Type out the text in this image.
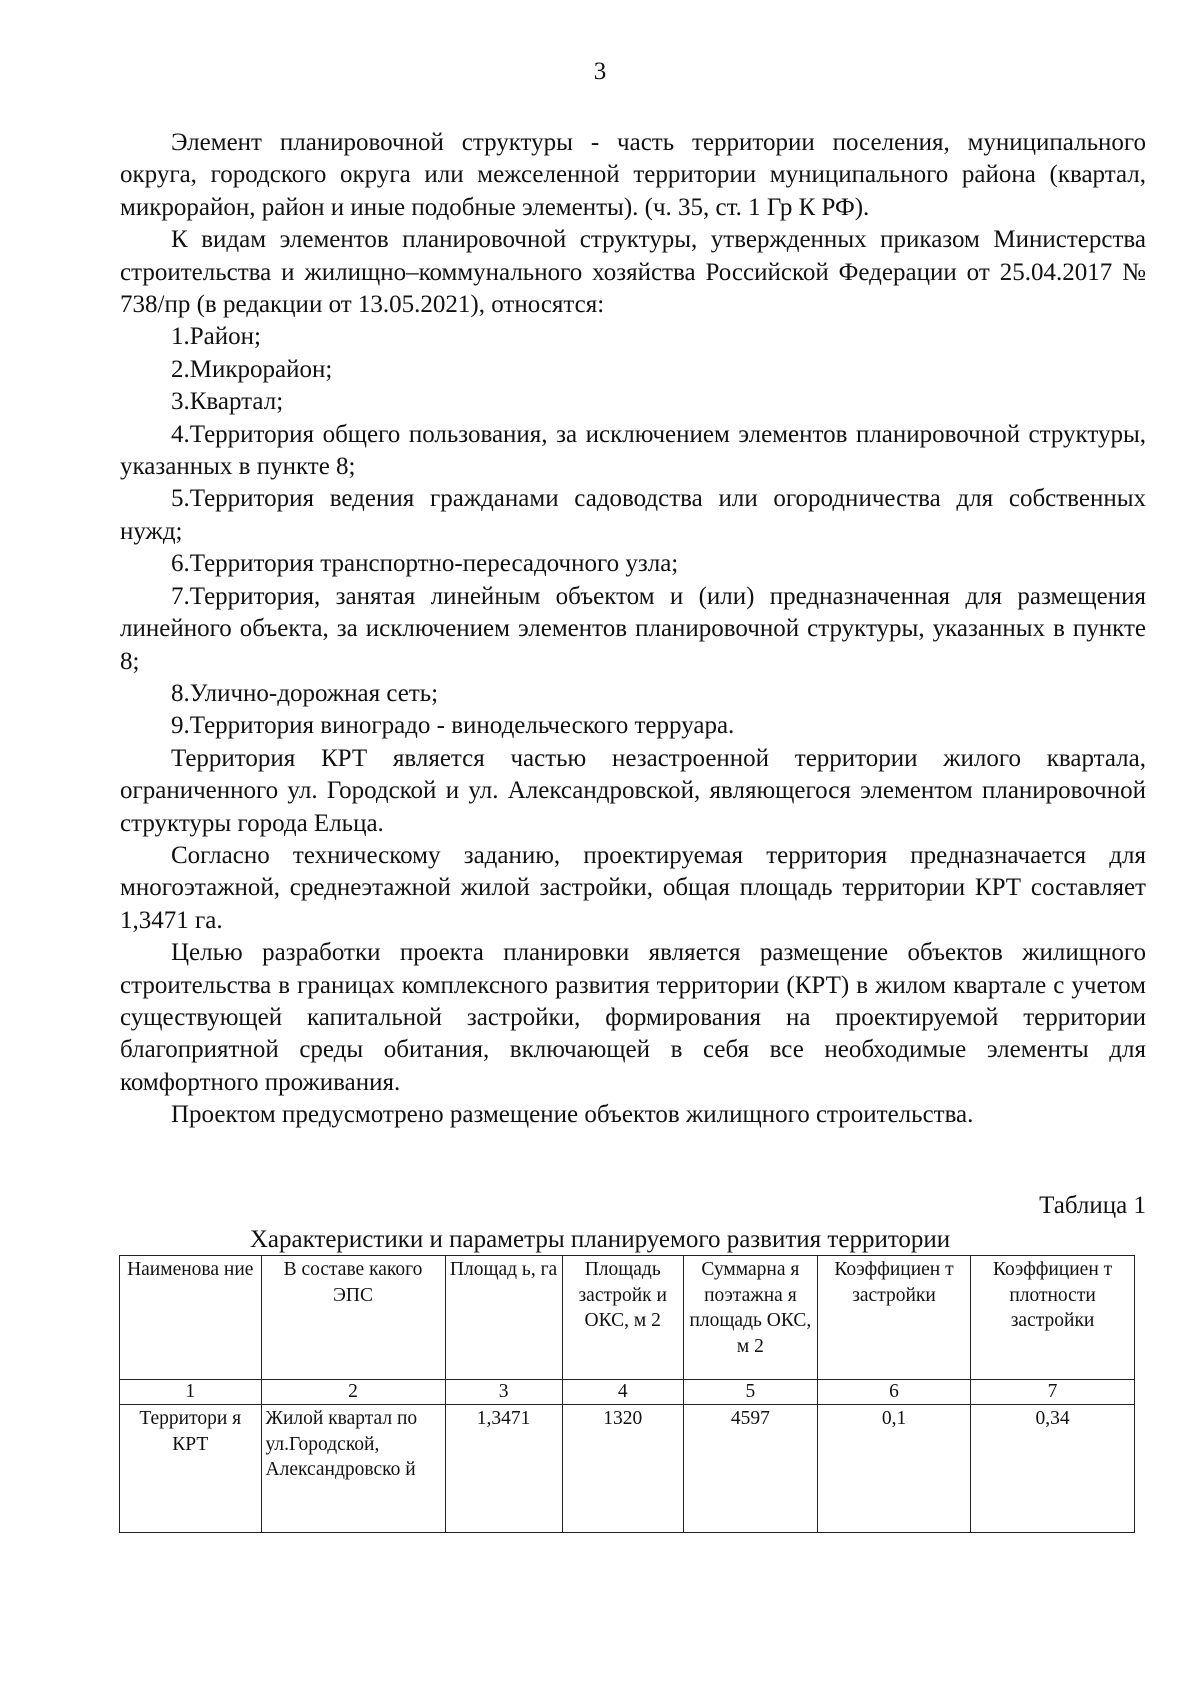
3

Элемент планировочной структуры - часть территории поселения, муниципального округа, городского округа или межселенной территории муниципального района (квартал, микрорайон, район и иные подобные элементы). (ч. 35, ст. 1 Гр К РФ).

К видам элементов планировочной структуры, утвержденных приказом Министерства строительства и жилищно–коммунального хозяйства Российской Федерации от 25.04.2017 № 738/пр (в редакции от 13.05.2021), относятся:

1.Район;

2.Микрорайон;

3.Квартал;

4.Территория общего пользования, за исключением элементов планировочной структуры, указанных в пункте 8;

5.Территория ведения гражданами садоводства или огородничества для собственных нужд;

6.Территория транспортно-пересадочного узла;

7.Территория, занятая линейным объектом и (или) предназначенная для размещения линейного объекта, за исключением элементов планировочной структуры, указанных в пункте 8;

8.Улично-дорожная сеть;

9.Территория виноградо - винодельческого терруара.

Территория КРТ является частью незастроенной территории жилого квартала, ограниченного ул. Городской и ул. Александровской, являющегося элементом планировочной структуры города Ельца.

Согласно техническому заданию, проектируемая территория предназначается для многоэтажной, среднеэтажной жилой застройки, общая площадь территории КРТ составляет 1,3471 га.

Целью разработки проекта планировки является размещение объектов жилищного строительства в границах комплексного развития территории (КРТ) в жилом квартале с учетом существующей капитальной застройки, формирования на проектируемой территории благоприятной среды обитания, включающей в себя все необходимые элементы для комфортного проживания.

Проектом предусмотрено размещение объектов жилищного строительства.

Таблица 1
Характеристики и параметры планируемого развития территории
Наименова ние	В составе какого ЭПС	Площад ь, га	Площадь застройк и ОКС, м 2	Суммарна я поэтажна я площадь ОКС, м 2	Коэффициен т застройки	Коэффициен т плотности застройки
1	2	3	4	5	6	7
Территори я КРТ	Жилой квартал по ул.Городской, Александровско й	1,3471	1320	4597	0,1	0,34
